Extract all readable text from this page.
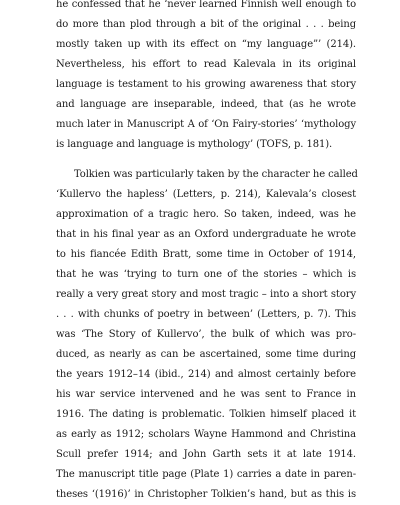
he confessed that he ‘never learned Finnish well enough to
do more than plod through a bit of the original . . . being
mostly taken up with its effect on “my language”’ (214).
Nevertheless, his effort to read Kalevala in its original
language is testament to his growing awareness that story
and language are inseparable, indeed, that (as he wrote
much later in Manuscript A of ‘On Fairy-stories’ ‘mythology
is language and language is mythology’ (TOFS, p. 181).

Tolkien was particularly taken by the character he called
‘Kullervo the hapless’ (Letters, p. 214), Kalevala’s closest
approximation of a tragic hero. So taken, indeed, was he
that in his final year as an Oxford undergraduate he wrote
to his fiancée Edith Bratt, some time in October of 1914,
that he was ‘trying to turn one of the stories – which is
really a very great story and most tragic – into a short story
. . . with chunks of poetry in between’ (Letters, p. 7). This
was ‘The Story of Kullervo’, the bulk of which was pro-
duced, as nearly as can be ascertained, some time during
the years 1912–14 (ibid., 214) and almost certainly before
his war service intervened and he was sent to France in
1916. The dating is problematic. Tolkien himself placed it
as early as 1912; scholars Wayne Hammond and Christina
Scull prefer 1914; and John Garth sets it at late 1914.
The manuscript title page (Plate 1) carries a date in paren-
theses ‘(1916)’ in Christopher Tolkien’s hand, but as this is
